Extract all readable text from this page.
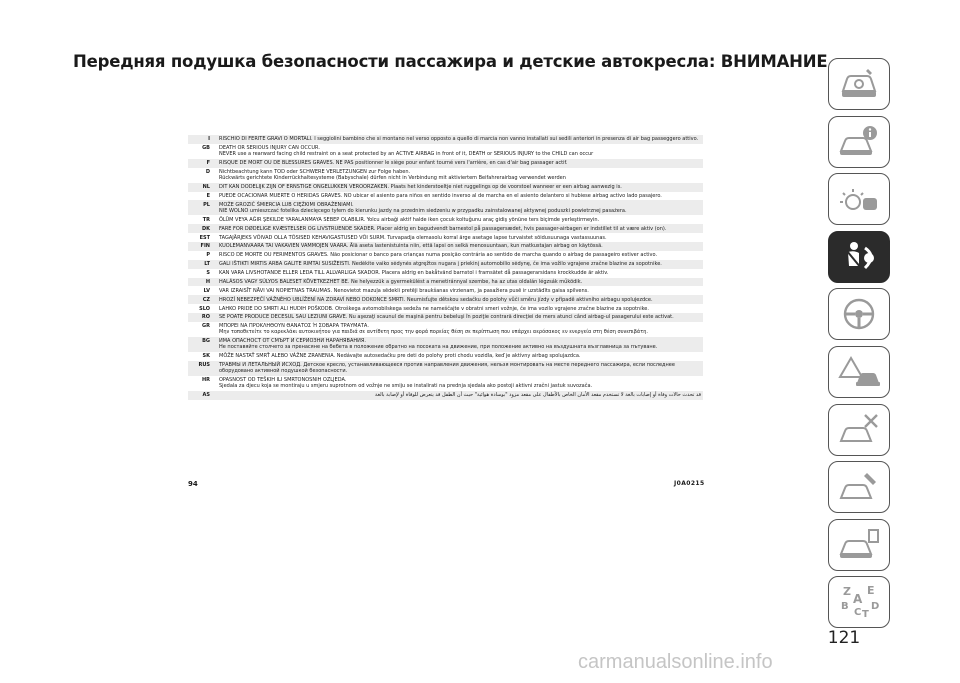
Передняя подушка безопасности пассажира и детские автокресла: ВНИМАНИЕ
I	RISCHIO DI FERITE GRAVI O MORTALI. I seggiolini bambino che si montano nel verso opposto a quello di marcia non vanno installati sui sedili anteriori in presenza di air bag passeggero attivo.
GB	DEATH OR SERIOUS INJURY CAN OCCUR.
NEVER use a rearward facing child restraint on a seat protected by an ACTIVE AIRBAG in front of it, DEATH or SERIOUS INJURY to the CHILD can occur
F	RISQUE DE MORT OU DE BLESSURES GRAVES. NE PAS positionner le siège pour enfant tourné vers l'arrière, en cas d'air bag passager actif.
D	Nichtbeachtung kann TOD oder SCHWERE VERLETZUNGEN zur Folge haben.
Rückwärts gerichtete Kinderrückhaltesysteme (Babyschale) dürfen nicht in Verbindung mit aktiviertem Beifahrerairbag verwendet werden
NL	DIT KAN DODELIJK ZIJN OF ERNSTIGE ONGELUKKEN VEROORZAKEN. Plaats het kinderstoeltje niet ruggelings op de voorstoel wanneer er een airbag aanwezig is.
E	PUEDE OCACIONAR MUERTE O HERIDAS GRAVES. NO ubicar el asiento para niños en sentido inverso al de marcha en el asiento delantero si hubiese airbag activo lado pasajero.
PL	MOŻE GROZIĆ ŚMIERCIA LUB CIĘŻKIMI OBRAŻENIAMI.
NIE WOLNO umieszczać fotelika dziecięcego tyłem do kierunku jazdy na przednim siedzeniu w przypadku zainstalowanej aktywnej poduszki powietrznej pasażera.
TR	ÖLÜM VEYA AĞIR ŞEKILDE YARALANMAYA SEBEP OLABILIR. Yolcu airbaği aktif halde iken çocuk koltuğunu araç gidiş yönüne ters biçimde yerleştirmeyin.
DK	FARE FOR DØDELIGE KVÆSTELSER OG LIVSTRUENDE SKADER. Placer aldrig en bagudvendt barnestol på passagersædet, hvis passager-airbagen er indstillet til at være aktiv (on).
EST	TAGAJÄRJEKS VÕIVAD OLLA TÕSISED KEHAVIGASTUSED VÕI SURM. Turvapadja olemasolu korral ärge asetage lapse turvaistet sõidusuunaga vastassuunas.
FIN	KUOLEMANVAARA TAI VAKAVIEN VAMMOJEN VAARA. Älä aseta lastenistuinta niin, että lapsi on selkä menosuuntaan, kun matkustajan airbag on käytössä.
P	RISCO DE MORTE OU FERIMENTOS GRAVES. Não posicionar o banco para crianças numa posição contrária ao sentido de marcha quando o airbag de passageiro estiver activo.
LT	GALI IŠTIKTI MIRTIS ARBA GALITE RIMTAI SUSIŽEISTI. Nedėkite vaiko sėdynės atgręžtos nugara į priekinį automobilio sėdynę, če ima vožilo vgrajene zračne blazine za sopotnike.
S	KAN VARA LIVSHOTANDE ELLER LEDA TILL ALLVARLIGA SKADOR. Placera aldrig en bakåtvänd barnstol i framsätet då passagerarsidans krockkudde är aktiv.
H	HALÁSOS VAGY SÚLYOS BALESET KÖVETKEZHET BE. Ne helyezzük a gyermekülést a menetiránnyal szembe, ha az utas oldalán légzsák működik.
LV	VAR IZRAISĪT NĀVI VAI NOPIETNAS TRAUMAS. Nenovietot mazuļa sēdekli pretēji braukšanas virzienam, ja pasažiera pusē ir uzstādīts gaisa spilvens.
CZ	HROZÍ NEBEZPEČÍ VÁŽNÉHO UBLÍŽENÍ NA ZDRAVÍ NEBO DOKONCE SMRTI. Neumisťujte dětskou sedačku do polohy vůči směru jízdy v případě aktivního airbagu spolujezdce.
SLO	LAHKO PRIDE DO SMRTI ALI HUDIH POŠKODB. Otroškega avtomobilskega sedežа ne nameščajte v obratni smeri vožnje, če ima vozilo vgrajene zračne blazine za sopotnike.
RO	SE POATE PRODUCE DECESUL SAU LEZIUNI GRAVE. Nu aşezaţi scaunul de maşină pentru bebeluşi în poziţie contrară direcţiei de mers atunci când airbag-ul pasagerului este activat.
GR	ΜΠΟΡΕΙ ΝΑ ΠΡΟΚΛΗΘΟΥΝ ΘΑΝΑΤΟΣ Ή ΣΟΒΑΡΑ ΤΡΑΥΜΑΤΑ.
Μην τοποθετείτε το καρεκλάκι αυτοκινήτου για παιδιά σε αντίθετη προς την φορά πορείας θέση σε περίπτωση που υπάρχει αερόσακος εν ενεργεία στη θέση συνεπιβάτη.
BG	ИМА ОПАСНОСТ ОТ СМЪРТ И СЕРИОЗНИ НАРАНЯВАНИЯ.
Не поставяйте столчето за пренасяне на бебета в положение обратно на посоката на движение, при положение активно на въздушната възглавница за пътуване.
SK	MÔŽE NASTAŤ SMRŤ ALEBO VÁŽNE ZRANENIA. Nedávajte autosedačku pre deti do polohy proti chodu vozidla, keď je aktívny airbag spolujazdca.
RUS	ТРАВМЫ И ЛЕТАЛЬНЫЙ ИСХОД. Детское кресло, устанавливающееся против направления движения, нельзя монтировать на месте переднего пассажира, если последнее оборудовано активной подушкой безопасности.
HR	OPASNOST OD TEŠKIH ILI SMRTONOSNIH OZLJEDA.
Sjedala za djecu koja se montiraju u smjeru suprotnom od vožnje ne smiju se instalirati na prednja sjedala ako postoji aktivni zračni jastuk suvozača.
AS	قد تحدث حالات وفاة أو إصابات بالغة لا تستخدم مقعد الأمان الخاص بالأطفال على مقعد مزود "بوسادة هوائية" حيث أن الطفل قد يتعرض للوفاة أو لإصابة بالغة
94	J0A0215
Z E
B
C T
D
A
121
carmanualsonline.info
